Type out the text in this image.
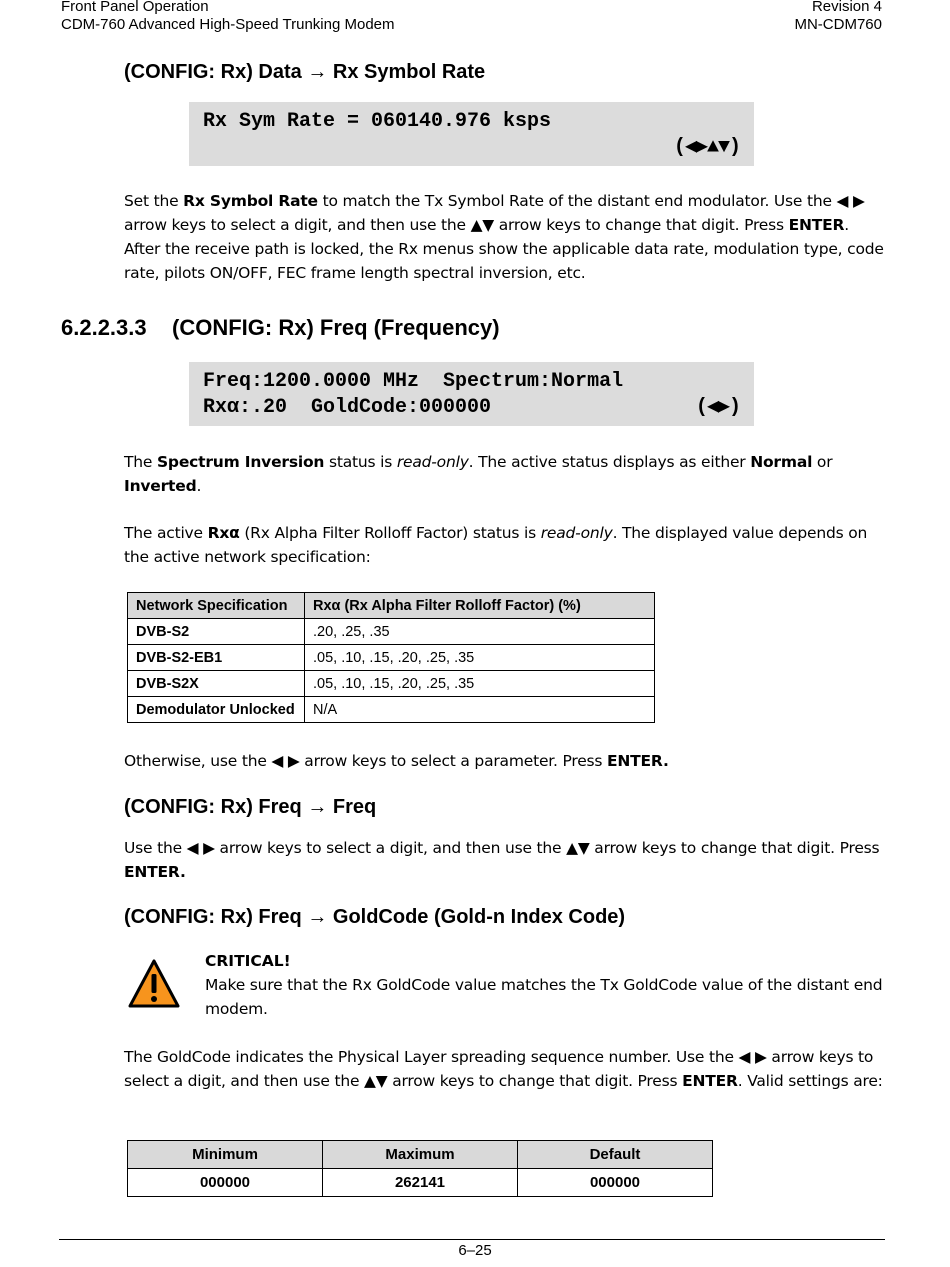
Front Panel Operation
CDM-760 Advanced High-Speed Trunking Modem
Revision 4
MN-CDM760
(CONFIG: Rx) Data → Rx Symbol Rate
Rx Sym Rate = 060140.976 ksps
(◀▶▲▼)

Set the Rx Symbol Rate to match the Tx Symbol Rate of the distant end modulator. Use the ◀ ▶ arrow keys to select a digit, and then use the ▲▼ arrow keys to change that digit. Press ENTER. After the receive path is locked, the Rx menus show the applicable data rate, modulation type, code rate, pilots ON/OFF, FEC frame length spectral inversion, etc.

6.2.2.3.3 (CONFIG: Rx) Freq (Frequency)
Freq:1200.0000 MHz  Spectrum:Normal
Rxα:.20  GoldCode:000000	(◀▶)

The Spectrum Inversion status is read-only. The active status displays as either Normal or Inverted.

The active Rxα (Rx Alpha Filter Rolloff Factor) status is read-only. The displayed value depends on the active network specification:

Network Specification	Rxα (Rx Alpha Filter Rolloff Factor) (%)
DVB-S2	.20, .25, .35
DVB-S2-EB1	.05, .10, .15, .20, .25, .35
DVB-S2X	.05, .10, .15, .20, .25, .35
Demodulator Unlocked	N/A

Otherwise, use the ◀ ▶ arrow keys to select a parameter. Press ENTER.

(CONFIG: Rx) Freq → Freq

Use the ◀ ▶ arrow keys to select a digit, and then use the ▲▼ arrow keys to change that digit. Press ENTER.

(CONFIG: Rx) Freq → GoldCode (Gold-n Index Code)
CRITICAL!
Make sure that the Rx GoldCode value matches the Tx GoldCode value of the distant end modem.

The GoldCode indicates the Physical Layer spreading sequence number. Use the ◀ ▶ arrow keys to select a digit, and then use the ▲▼ arrow keys to change that digit. Press ENTER. Valid settings are:

Minimum	Maximum	Default
000000	262141	000000
6–25
